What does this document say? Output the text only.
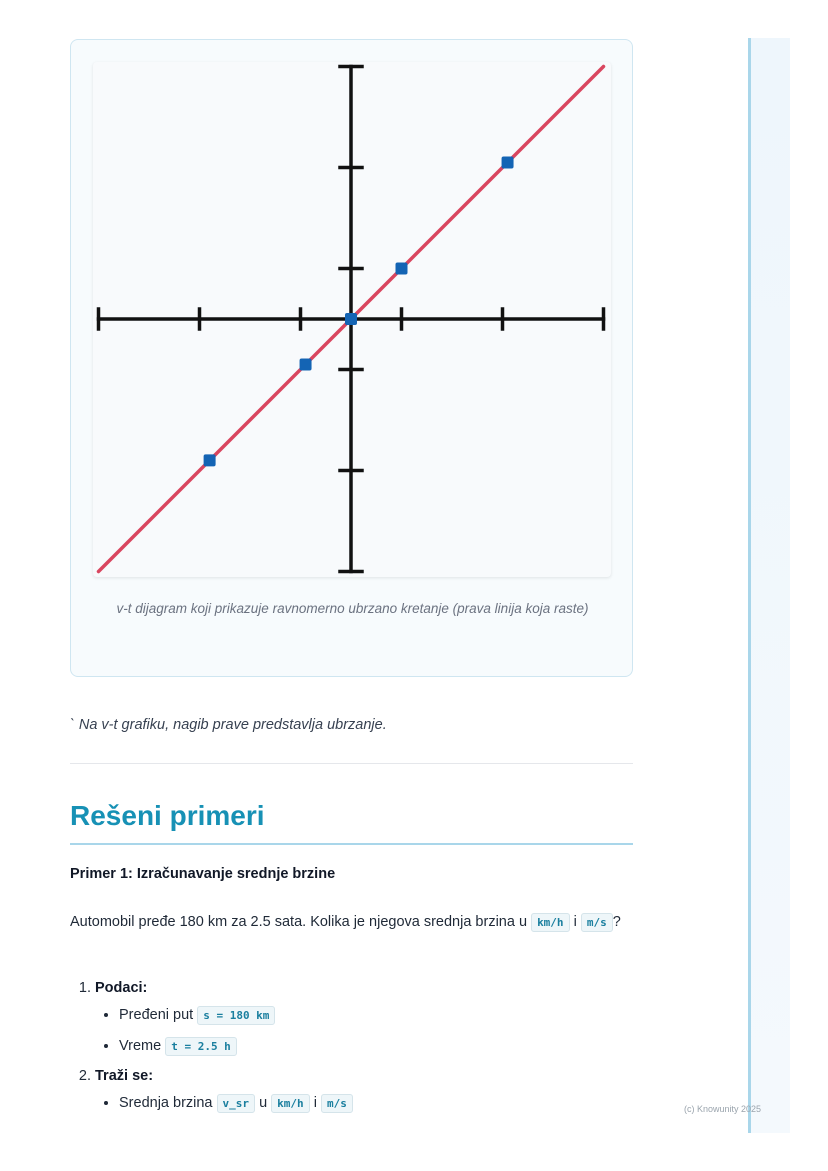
(c) Knowunity 2025
v-t dijagram koji prikazuje ravnomerno ubrzano kretanje (prava linija koja raste)
` Na v-t grafiku, nagib prave predstavlja ubrzanje.
Rešeni primeri
Primer 1: Izračunavanje srednje brzine
Automobil pređe 180 km za 2.5 sata. Kolika je njegova srednja brzina u km/h i m/s ?
1. Podaci:
• Pređeni put s = 180 km
• Vreme t = 2.5 h
2. Traži se:
• Srednja brzina v_sr u km/h i m/s
